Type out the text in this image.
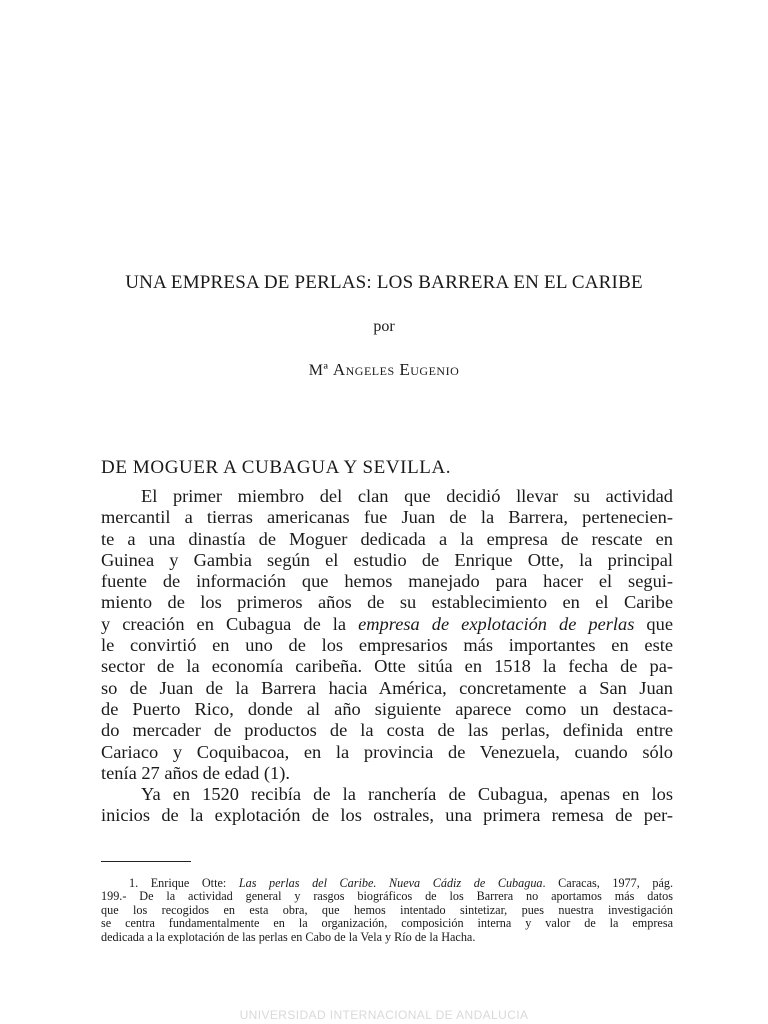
UNA EMPRESA DE PERLAS: LOS BARRERA EN EL CARIBE
por
Mª Angeles Eugenio
DE MOGUER A CUBAGUA Y SEVILLA.
El primer miembro del clan que decidió llevar su actividad
mercantil a tierras americanas fue Juan de la Barrera, pertenecien-
te a una dinastía de Moguer dedicada a la empresa de rescate en
Guinea y Gambia según el estudio de Enrique Otte, la principal
fuente de información que hemos manejado para hacer el segui-
miento de los primeros años de su establecimiento en el Caribe
y creación en Cubagua de la empresa de explotación de perlas que
le convirtió en uno de los empresarios más importantes en este
sector de la economía caribeña. Otte sitúa en 1518 la fecha de pa-
so de Juan de la Barrera hacia América, concretamente a San Juan
de Puerto Rico, donde al año siguiente aparece como un destaca-
do mercader de productos de la costa de las perlas, definida entre
Cariaco y Coquibacoa, en la provincia de Venezuela, cuando sólo
tenía 27 años de edad (1).
Ya en 1520 recibía de la ranchería de Cubagua, apenas en los
inicios de la explotación de los ostrales, una primera remesa de per-
1. Enrique Otte: Las perlas del Caribe. Nueva Cádiz de Cubagua. Caracas, 1977, pág.
199.- De la actividad general y rasgos biográficos de los Barrera no aportamos más datos
que los recogidos en esta obra, que hemos intentado sintetizar, pues nuestra investigación
se centra fundamentalmente en la organización, composición interna y valor de la empresa
dedicada a la explotación de las perlas en Cabo de la Vela y Río de la Hacha.
UNIVERSIDAD INTERNACIONAL DE ANDALUCIA
